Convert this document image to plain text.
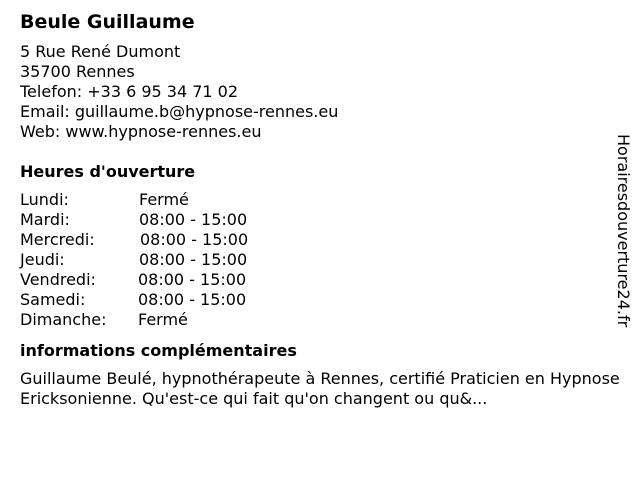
Beule Guillaume
5 Rue René Dumont
35700 Rennes
Telefon: +33 6 95 34 71 02
Email: guillaume.b@hypnose-rennes.eu
Web: www.hypnose-rennes.eu
Heures d'ouverture
Lundi:	Fermé
Mardi:	08:00 - 15:00
Mercredi:	08:00 - 15:00
Jeudi:	08:00 - 15:00
Vendredi:	08:00 - 15:00
Samedi:	08:00 - 15:00
Dimanche: Fermé
informations complémentaires
Guillaume Beulé, hypnothérapeute à Rennes, certifié Praticien en Hypnose Ericksonienne. Qu'est-ce qui fait qu'on changent ou qu&...
Horairesdouverture24.fr
